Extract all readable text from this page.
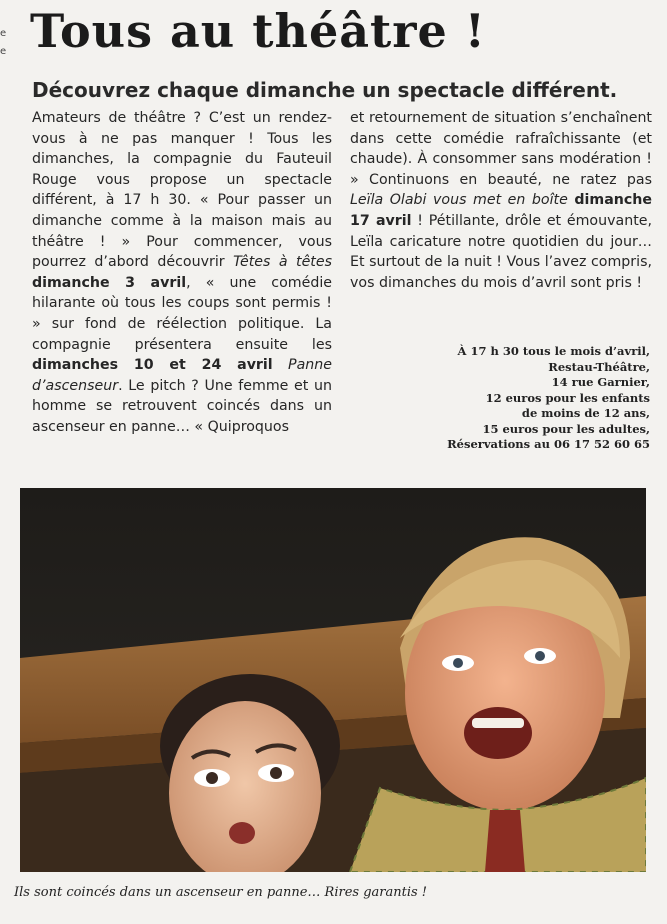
e
e Tous au théâtre !
Découvrez chaque dimanche un spectacle différent.

Amateurs de théâtre ? C’est un rendez-vous à ne pas manquer ! Tous les dimanches, la compagnie du Fauteuil Rouge vous propose un spectacle différent, à 17 h 30. « Pour passer un dimanche comme à la maison mais au théâtre ! » Pour commencer, vous pourrez d’abord découvrir Têtes à têtes dimanche 3 avril, « une comédie hilarante où tous les coups sont permis ! » sur fond de réélection politique. La compagnie présentera ensuite les dimanches 10 et 24 avril Panne d’ascenseur. Le pitch ? Une femme et un homme se retrouvent coincés dans un ascenseur en panne… « Quiproquos

et retournement de situation s’enchaînent dans cette comédie rafraîchissante (et chaude). À consommer sans modération ! » Continuons en beauté, ne ratez pas Leïla Olabi vous met en boîte dimanche 17 avril ! Pétillante, drôle et émouvante, Leïla caricature notre quotidien du jour… Et surtout de la nuit ! Vous l’avez compris, vos dimanches du mois d’avril sont pris !

À 17 h 30 tous le mois d’avril,
Restau-Théâtre,
14 rue Garnier,
12 euros pour les enfants
de moins de 12 ans,
15 euros pour les adultes,
Réservations au 06 17 52 60 65

Ils sont coincés dans un ascenseur en panne… Rires garantis !
